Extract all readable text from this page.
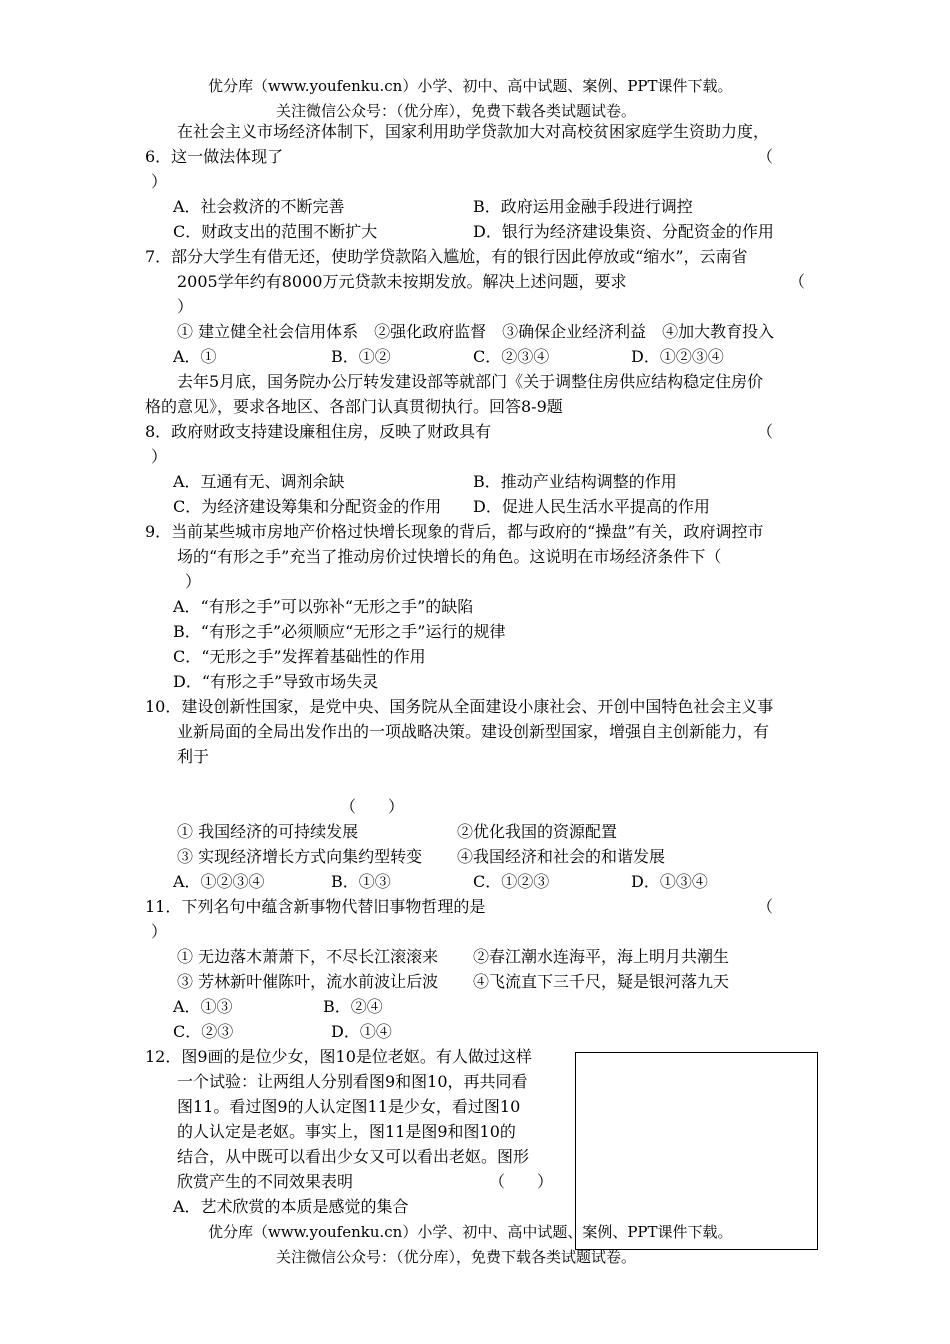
优分库（www.youfenku.cn）小学、初中、高中试题、案例、PPT课件下载。
关注微信公众号：（优分库），免费下载各类试题试卷。
在社会主义市场经济体制下，国家利用助学贷款加大对高校贫困家庭学生资助力度，
6．这一做法体现了	（
）
A．社会救济的不断完善	B．政府运用金融手段进行调控
C．财政支出的范围不断扩大	D．银行为经济建设集资、分配资金的作用
7．部分大学生有借无还，使助学贷款陷入尴尬，有的银行因此停放或“缩水”，云南省
2005学年约有8000万元贷款未按期发放。解决上述问题，要求	（
）
① 建立健全社会信用体系　②强化政府监督　③确保企业经济利益　④加大教育投入
A．①	B．①②	C．②③④	D．①②③④
去年5月底，国务院办公厅转发建设部等就部门《关于调整住房供应结构稳定住房价
格的意见》，要求各地区、各部门认真贯彻执行。回答8-9题
8．政府财政支持建设廉租住房，反映了财政具有	（
）
A．互通有无、调剂余缺	B．推动产业结构调整的作用
C．为经济建设筹集和分配资金的作用 D．促进人民生活水平提高的作用
9．当前某些城市房地产价格过快增长现象的背后，都与政府的“操盘”有关，政府调控市
场的“有形之手”充当了推动房价过快增长的角色。这说明在市场经济条件下（
）
A．“有形之手”可以弥补“无形之手”的缺陷
B．“有形之手”必须顺应“无形之手”运行的规律
C．“无形之手”发挥着基础性的作用
D．“有形之手”导致市场失灵
10．建设创新性国家，是党中央、国务院从全面建设小康社会、开创中国特色社会主义事
业新局面的全局出发作出的一项战略决策。建设创新型国家，增强自主创新能力，有
利于
（　　）
① 我国经济的可持续发展	②优化我国的资源配置
③ 实现经济增长方式向集约型转变 ④我国经济和社会的和谐发展
A．①②③④	B．①③	C．①②③	D．①③④
11．下列名句中蕴含新事物代替旧事物哲理的是	（
）
① 无边落木萧萧下，不尽长江滚滚来 ②春江潮水连海平，海上明月共潮生
③ 芳林新叶催陈叶，流水前波让后波 ④飞流直下三千尺，疑是银河落九天
A．①③	B．②④
C．②③	D．①④
12．图9画的是位少女，图10是位老妪。有人做过这样
一个试验：让两组人分别看图9和图10，再共同看
图11。看过图9的人认定图11是少女，看过图10
的人认定是老妪。事实上，图11是图9和图10的
结合，从中既可以看出少女又可以看出老妪。图形
欣赏产生的不同效果表明	（　　）
A．艺术欣赏的本质是感觉的集合
优分库（www.youfenku.cn）小学、初中、高中试题、案例、PPT课件下载。
关注微信公众号：（优分库），免费下载各类试题试卷。
